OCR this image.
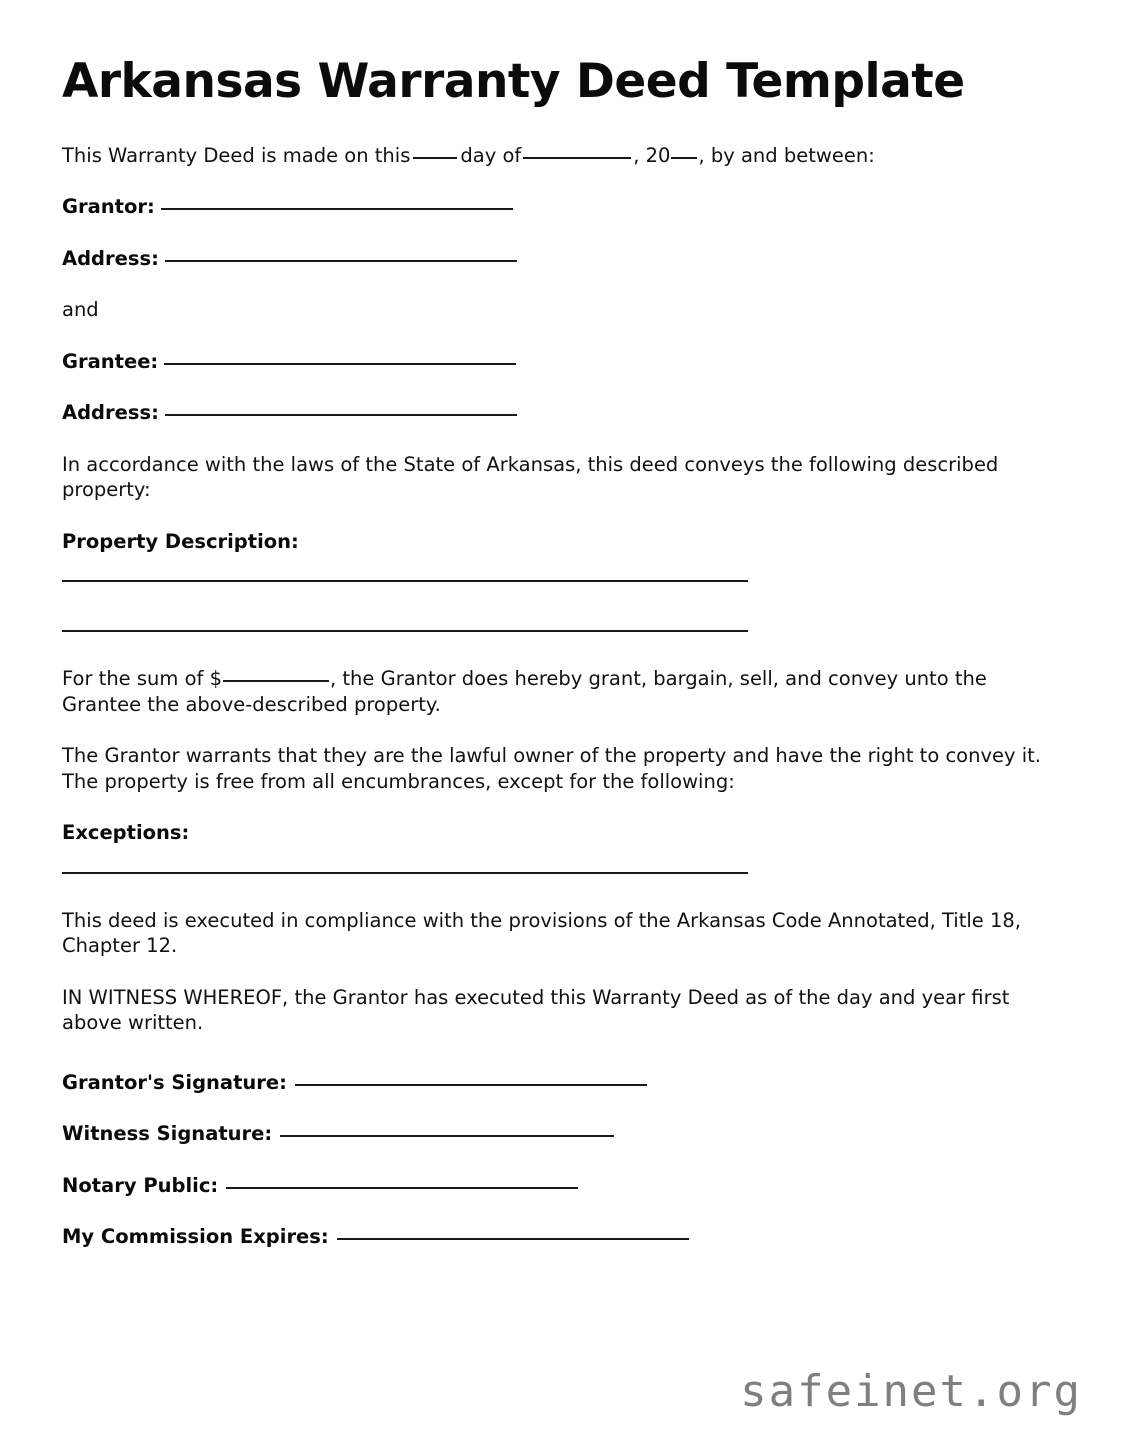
Arkansas Warranty Deed Template

This Warranty Deed is made on this	day of	, 20 , by and between:

Grantor:
Address:

and

Grantee:
Address:

In accordance with the laws of the State of Arkansas, this deed conveys the following described property:

Property Description:

For the sum of $	, the Grantor does hereby grant, bargain, sell, and convey unto the Grantee the above-described property.

The Grantor warrants that they are the lawful owner of the property and have the right to convey it. The property is free from all encumbrances, except for the following:

Exceptions:

This deed is executed in compliance with the provisions of the Arkansas Code Annotated, Title 18, Chapter 12.

IN WITNESS WHEREOF, the Grantor has executed this Warranty Deed as of the day and year first above written.

Grantor's Signature:
Witness Signature:
Notary Public:
My Commission Expires:
safeinet.org
